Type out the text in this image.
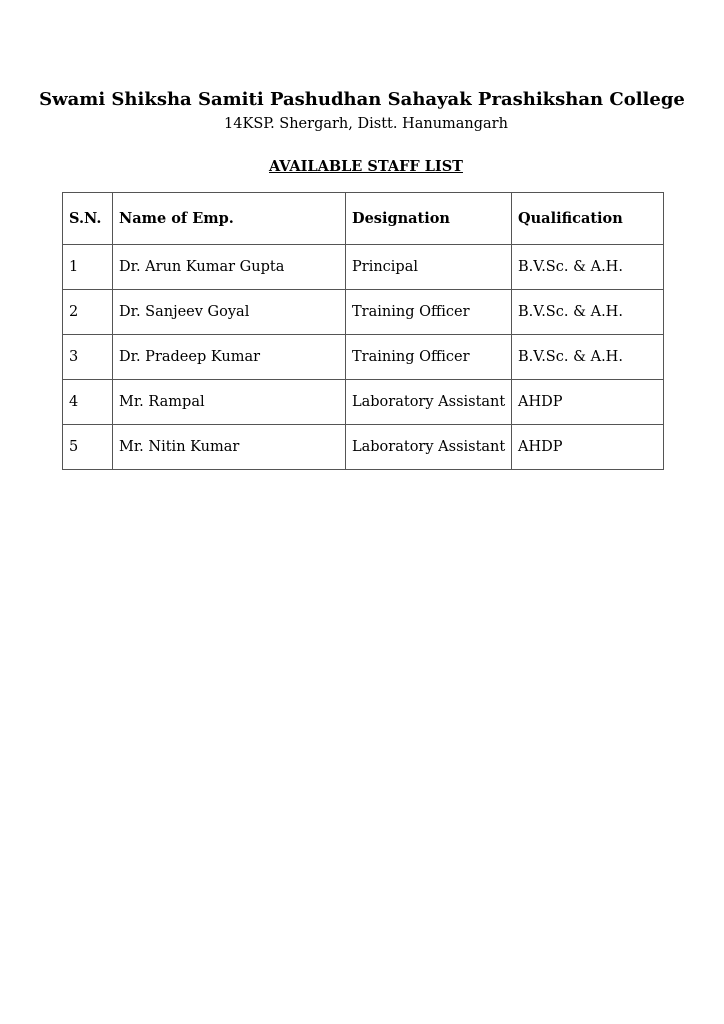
Swami Shiksha Samiti Pashudhan Sahayak Prashikshan College
14KSP. Shergarh, Distt. Hanumangarh
AVAILABLE STAFF LIST
S.N.	Name of Emp.	Designation	Qualification
1	Dr. Arun Kumar Gupta	Principal	B.V.Sc. & A.H.
2	Dr. Sanjeev Goyal	Training Officer	B.V.Sc. & A.H.
3	Dr. Pradeep Kumar	Training Officer	B.V.Sc. & A.H.
4	Mr. Rampal	Laboratory Assistant	AHDP
5	Mr. Nitin Kumar	Laboratory Assistant	AHDP
